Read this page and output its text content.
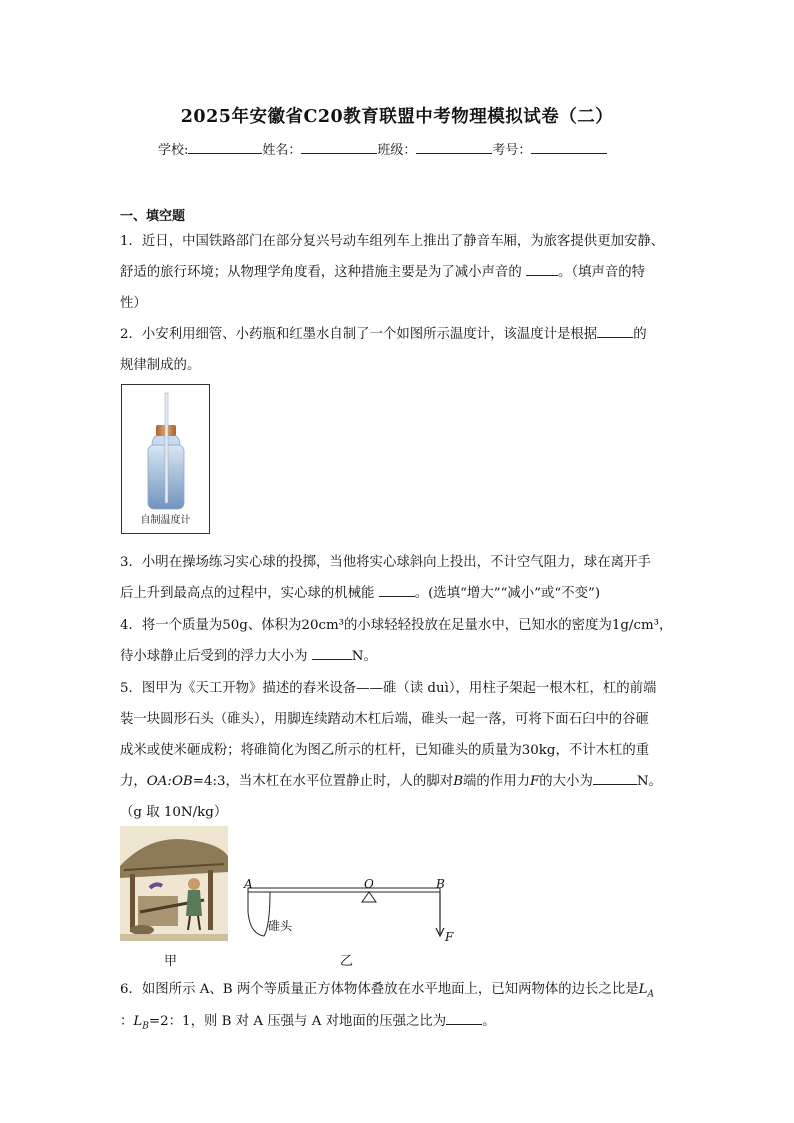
2025年安徽省C20教育联盟中考物理模拟试卷（二）
学校:	姓名：	班级：	考号：
一、填空题
1．近日，中国铁路部门在部分复兴号动车组列车上推出了静音车厢，为旅客提供更加安静、
舒适的旅行环境；从物理学角度看，这种措施主要是为了减小声音的	。（填声音的特
性）
2．小安利用细管、小药瓶和红墨水自制了一个如图所示温度计，该温度计是根据	的
规律制成的。
自制温度计
3．小明在操场练习实心球的投掷，当他将实心球斜向上投出，不计空气阻力，球在离开手
后上升到最高点的过程中，实心球的机械能	。(选填“增大”“减小”或“不变”)
4．将一个质量为50g、体积为20cm³的小球轻轻投放在足量水中，已知水的密度为1g/cm³，
待小球静止后受到的浮力大小为	N。
5．图甲为《天工开物》描述的舂米设备——碓（读 duì），用柱子架起一根木杠，杠的前端
装一块圆形石头（碓头），用脚连续踏动木杠后端，碓头一起一落，可将下面石臼中的谷砸
成米或使米砸成粉；将碓简化为图乙所示的杠杆，已知碓头的质量为30kg，不计木杠的重
力，OA:OB=4:3，当木杠在水平位置静止时，人的脚对B端的作用力F的大小为	N。
（g 取 10N/kg）
甲
A	O	B
F
碓头
乙
6．如图所示 A、B 两个等质量正方体物体叠放在水平地面上，已知两物体的边长之比是$L_A$
：$L_B=2$：1，则 B 对 A 压强与 A 对地面的压强之比为	。
